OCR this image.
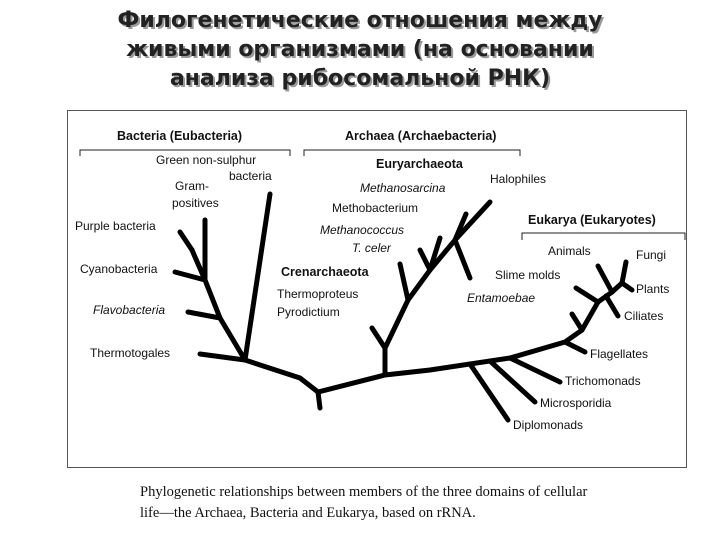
Филогенетические отношения между
живыми организмами (на основании
анализа рибосомальной РНК)
Bacteria (Eubacteria)	Archaea (Archaebacteria)
Eukarya (Eukaryotes)
Euryarchaeota
Crenarchaeota
Green non-sulphur
bacteria
Gram-
positives
Purple bacteria
Cyanobacteria
Flavobacteria
Thermotogales
Methanosarcina
Halophiles
Methobacterium
Methanococcus
T. celer
Thermoproteus
Pyrodictium
Animals	Fungi
Slime molds
Plants
Entamoebae
Ciliates
Flagellates
Trichomonads
Microsporidia
Diplomonads
Phylogenetic relationships between members of the three domains of cellular
life—the Archaea, Bacteria and Eukarya, based on rRNA.
